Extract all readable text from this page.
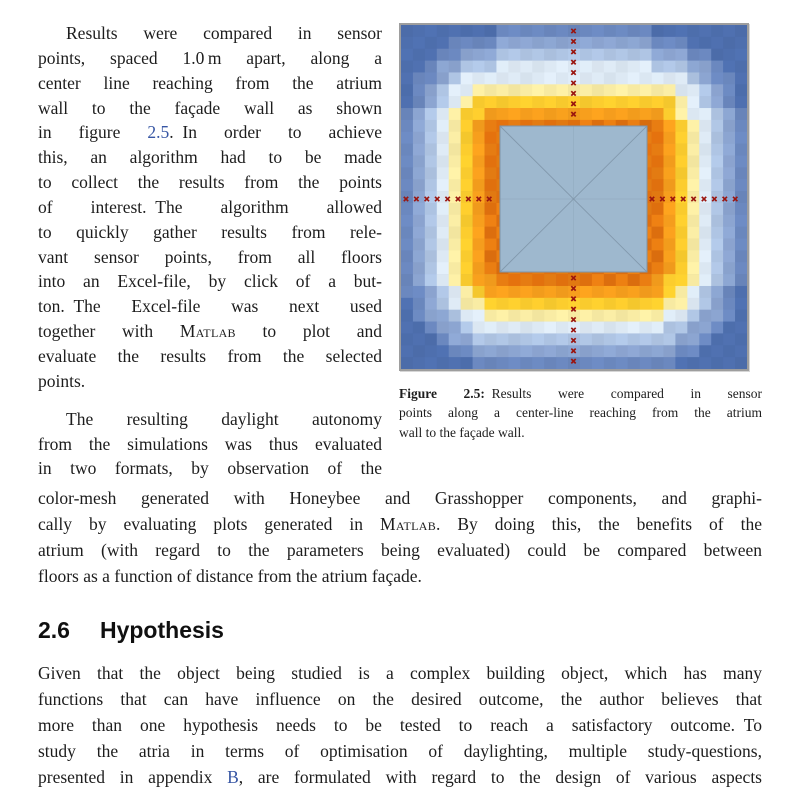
Results were compared in sensor
points, spaced 1.0 m apart, along a
center line reaching from the atrium
wall to the façade wall as shown
in figure 2.5. In order to achieve
this, an algorithm had to be made
to collect the results from the points
of interest. The algorithm allowed
to quickly gather results from rele-
vant sensor points, from all floors
into an Excel-file, by click of a but-
ton. The Excel-file was next used
together with Matlab to plot and
evaluate the results from the selected
points.
The resulting daylight autonomy
from the simulations was thus evaluated
in two formats, by observation of the
Figure 2.5: Results were compared in sensor
points along a center-line reaching from the atrium
wall to the façade wall.
color-mesh generated with Honeybee and Grasshopper components, and graphi-
cally by evaluating plots generated in Matlab. By doing this, the benefits of the
atrium (with regard to the parameters being evaluated) could be compared between
floors as a function of distance from the atrium façade.
2.6 Hypothesis
Given that the object being studied is a complex building object, which has many
functions that can have influence on the desired outcome, the author believes that
more than one hypothesis needs to be tested to reach a satisfactory outcome. To
study the atria in terms of optimisation of daylighting, multiple study-questions,
presented in appendix B, are formulated with regard to the design of various aspects
